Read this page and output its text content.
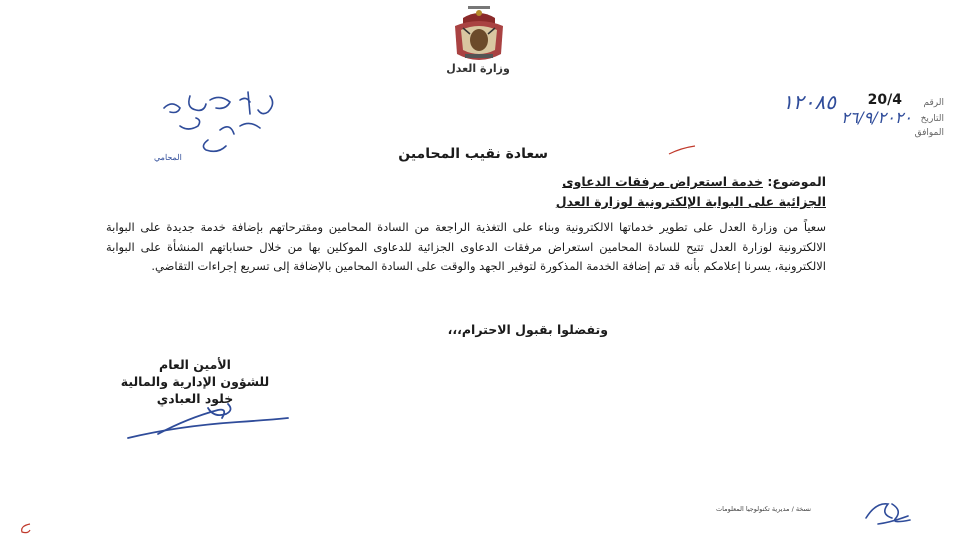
وزارة العدل
الرقم
التاريخ
الموافق
20/4
١٢٠٨٥
٢٦/٩/٢٠٢٠
المحامي	سعادة نقيب المحامين
الموضوع: خدمة استعراض مرفقات الدعاوى
الجزائية على البوابة الإلكترونية لوزارة العدل
سعياً من وزارة العدل على تطوير خدماتها الالكترونية وبناء على التغذية الراجعة من السادة المحامين ومقترحاتهم بإضافة خدمة جديدة على البوابة الالكترونية لوزارة العدل تتيح للسادة المحامين استعراض مرفقات الدعاوى الجزائية للدعاوى الموكلين بها من خلال حساباتهم المنشأة على البوابة الالكترونية، يسرنا إعلامكم بأنه قد تم إضافة الخدمة المذكورة لتوفير الجهد والوقت على السادة المحامين بالإضافة إلى تسريع إجراءات التقاضي.
وتفضلوا بقبول الاحترام،،،
الأمين العام
للشؤون الإدارية والمالية
خلود العبادي
نسخة / مديرية تكنولوجيا المعلومات
